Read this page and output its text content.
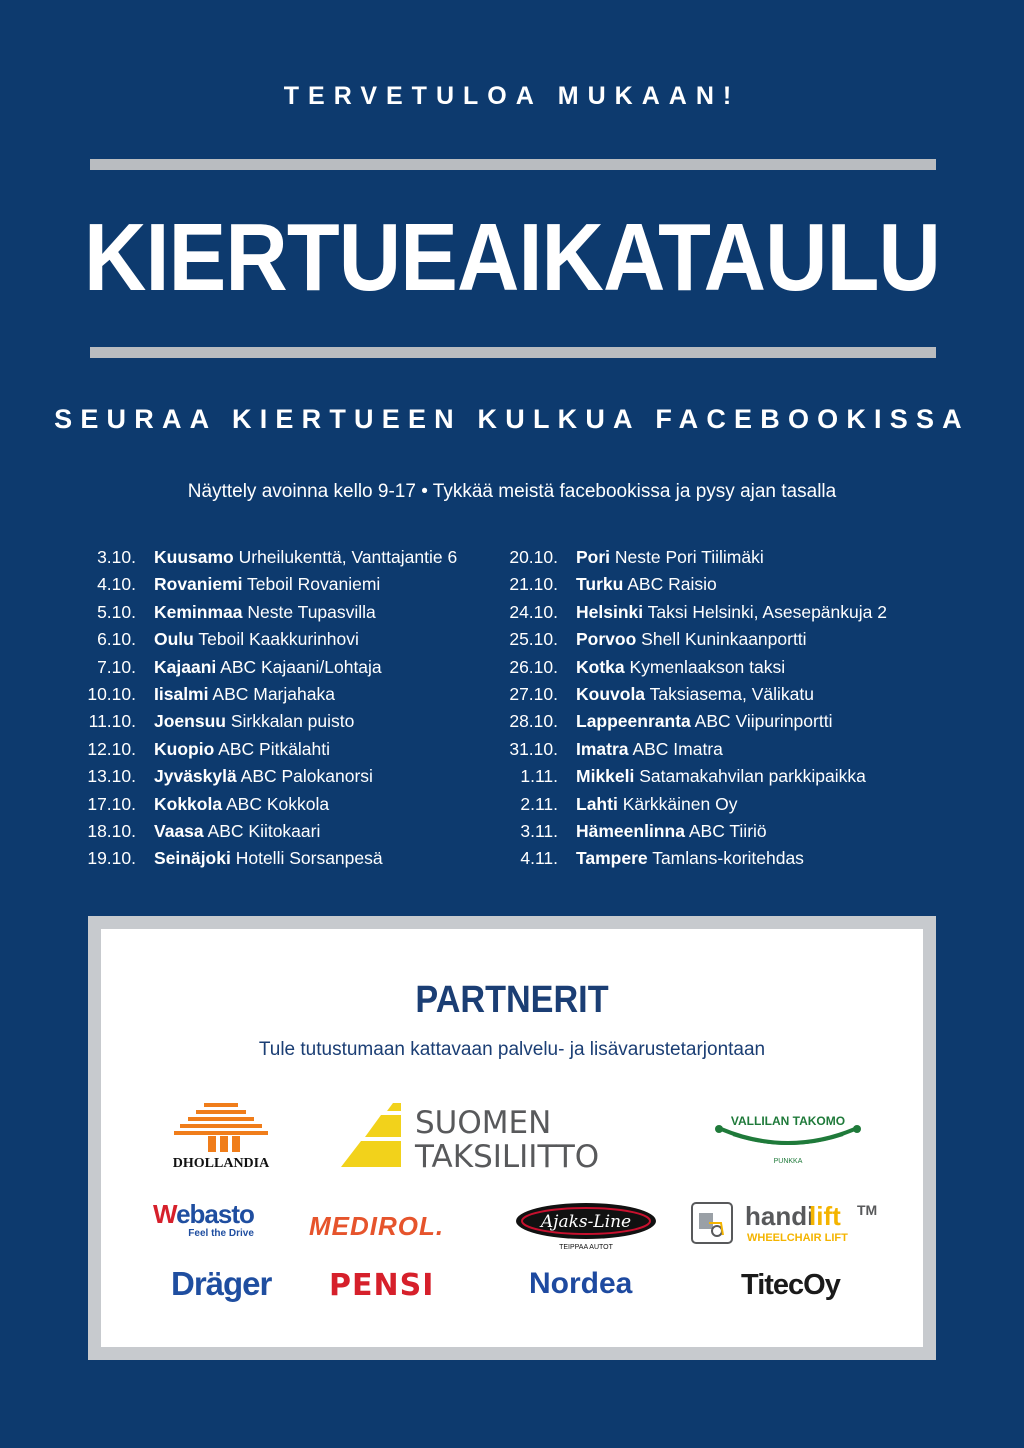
TERVETULOA MUKAAN!
KIERTUEAIKATAULU
SEURAA KIERTUEEN KULKUA FACEBOOKISSA
Näyttely avoinna kello 9-17 • Tykkää meistä facebookissa ja pysy ajan tasalla
3.10. Kuusamo Urheilukenttä, Vanttajantie 6
4.10. Rovaniemi Teboil Rovaniemi
5.10. Keminmaa Neste Tupasvilla
6.10. Oulu Teboil Kaakkurinhovi
7.10. Kajaani ABC Kajaani/Lohtaja
10.10. Iisalmi ABC Marjahaka
11.10. Joensuu Sirkkalan puisto
12.10. Kuopio ABC Pitkälahti
13.10. Jyväskylä ABC Palokanorsi
17.10. Kokkola ABC Kokkola
18.10. Vaasa ABC Kiitokaari
19.10. Seinäjoki Hotelli Sorsanpesä
20.10. Pori Neste Pori Tiilimäki
21.10. Turku ABC Raisio
24.10. Helsinki Taksi Helsinki, Asesepänkuja 2
25.10. Porvoo Shell Kuninkaanportti
26.10. Kotka Kymenlaakson taksi
27.10. Kouvola Taksiasema, Välikatu
28.10. Lappeenranta ABC Viipurinportti
31.10. Imatra ABC Imatra
1.11. Mikkeli Satamakahvilan parkkipaikka
2.11. Lahti Kärkkäinen Oy
3.11. Hämeenlinna ABC Tiiriö
4.11. Tampere Tamlans-koritehdas
PARTNERIT
Tule tutustumaan kattavaan palvelu- ja lisävarustetarjontaan
DHOLLANDIA
SUOMEN
TAKSILIITTO
VALLILAN TAKOMO
PUNKKA
Webasto
Feel the Drive MEDIROL.	Ajaks-Line
TEIPPAA AUTOT
handi
lift TM
WHEELCHAIR LIFT
Dräger PENSI	Nordea	TitecOy
